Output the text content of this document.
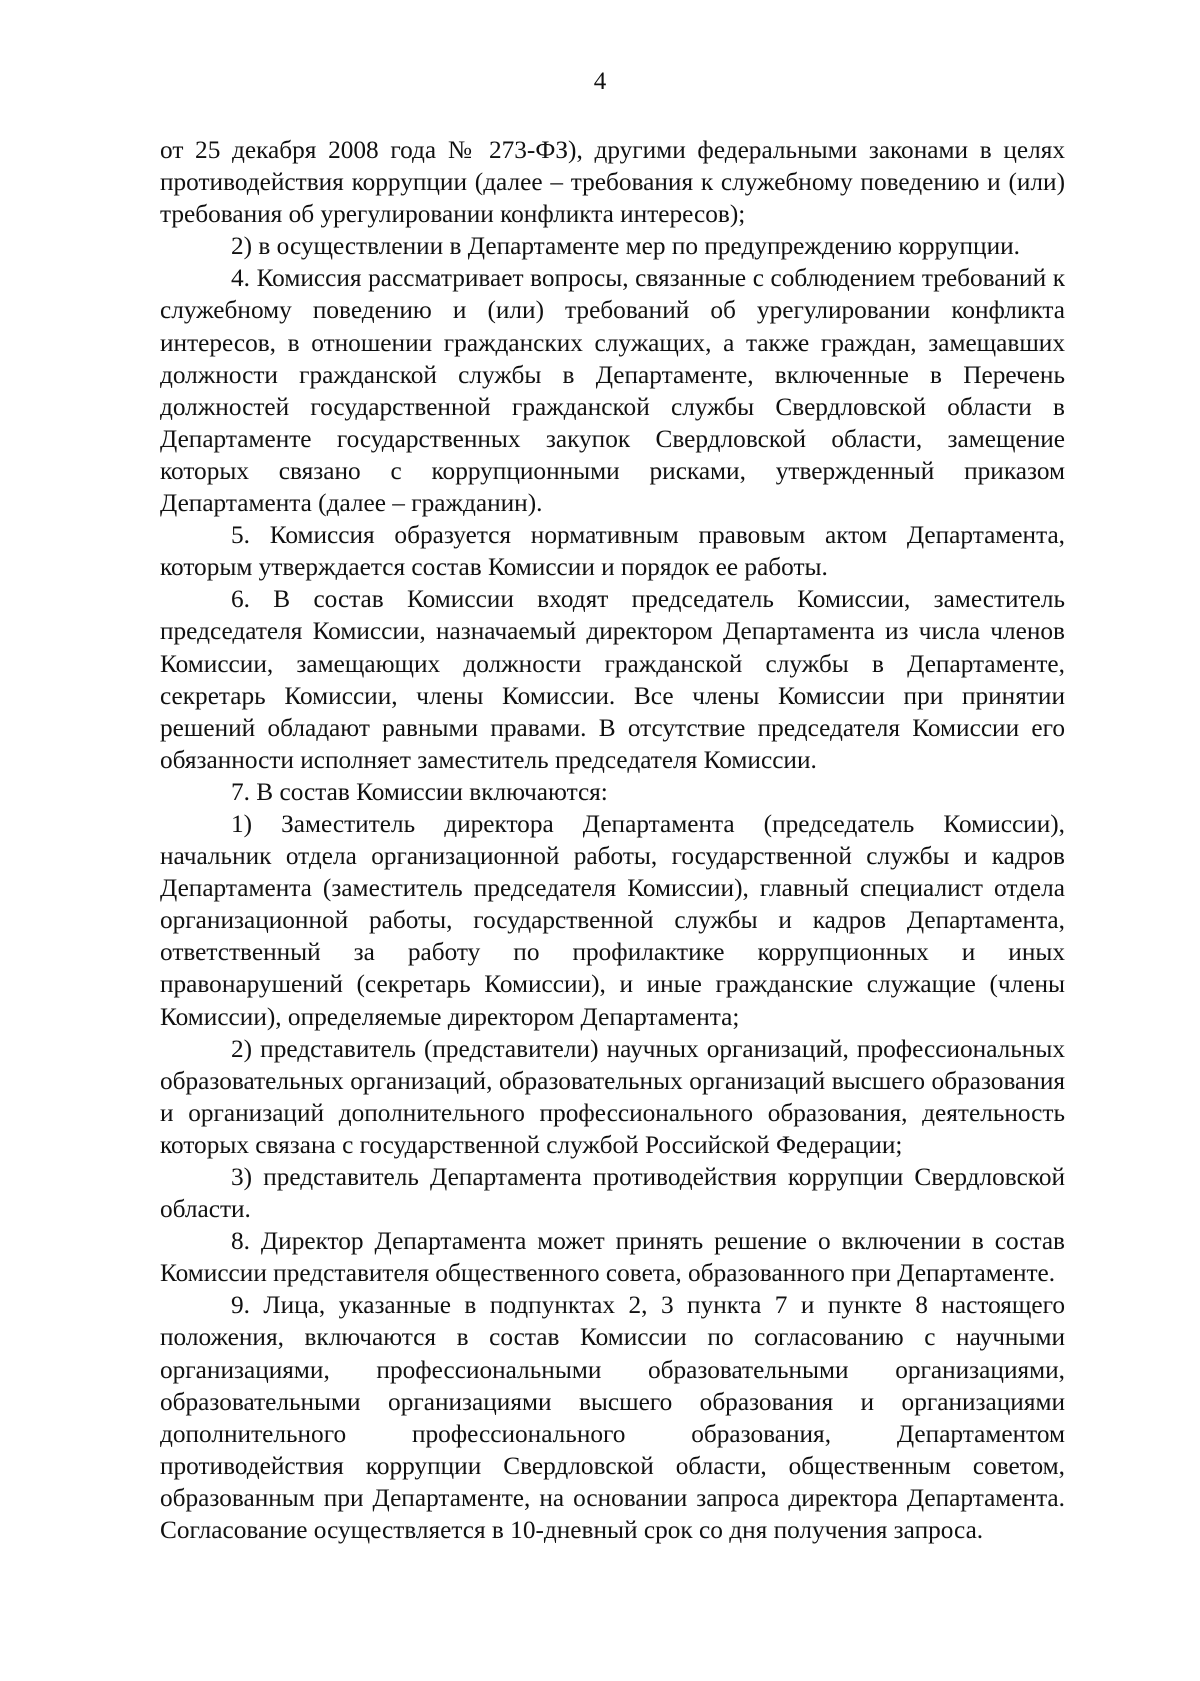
4

от 25 декабря 2008 года № 273-ФЗ), другими федеральными законами в целях противодействия коррупции (далее – требования к служебному поведению и (или) требования об урегулировании конфликта интересов);

2) в осуществлении в Департаменте мер по предупреждению коррупции.

4. Комиссия рассматривает вопросы, связанные с соблюдением требований к служебному поведению и (или) требований об урегулировании конфликта интересов, в отношении гражданских служащих, а также граждан, замещавших должности гражданской службы в Департаменте, включенные в Перечень должностей государственной гражданской службы Свердловской области в Департаменте государственных закупок Свердловской области, замещение которых связано с коррупционными рисками, утвержденный приказом Департамента (далее – гражданин).

5. Комиссия образуется нормативным правовым актом Департамента, которым утверждается состав Комиссии и порядок ее работы.

6. В состав Комиссии входят председатель Комиссии, заместитель председателя Комиссии, назначаемый директором Департамента из числа членов Комиссии, замещающих должности гражданской службы в Департаменте, секретарь Комиссии, члены Комиссии. Все члены Комиссии при принятии решений обладают равными правами. В отсутствие председателя Комиссии его обязанности исполняет заместитель председателя Комиссии.

7. В состав Комиссии включаются:

1) Заместитель директора Департамента (председатель Комиссии), начальник отдела организационной работы, государственной службы и кадров Департамента (заместитель председателя Комиссии), главный специалист отдела организационной работы, государственной службы и кадров Департамента, ответственный за работу по профилактике коррупционных и иных правонарушений (секретарь Комиссии), и иные гражданские служащие (члены Комиссии), определяемые директором Департамента;

2) представитель (представители) научных организаций, профессиональных образовательных организаций, образовательных организаций высшего образования и организаций дополнительного профессионального образования, деятельность которых связана с государственной службой Российской Федерации;

3) представитель Департамента противодействия коррупции Свердловской области.

8. Директор Департамента может принять решение о включении в состав Комиссии представителя общественного совета, образованного при Департаменте.

9. Лица, указанные в подпунктах 2, 3 пункта 7 и пункте 8 настоящего положения, включаются в состав Комиссии по согласованию с научными организациями, профессиональными образовательными организациями, образовательными организациями высшего образования и организациями дополнительного профессионального образования, Департаментом противодействия коррупции Свердловской области, общественным советом, образованным при Департаменте, на основании запроса директора Департамента. Согласование осуществляется в 10-дневный срок со дня получения запроса.
